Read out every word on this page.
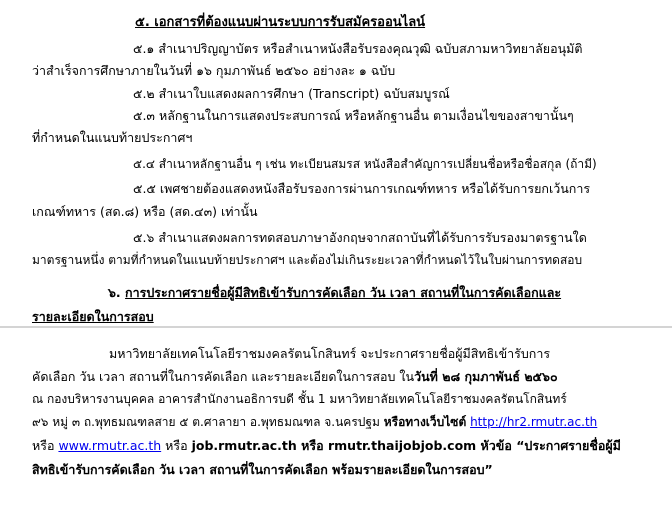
๕. เอกสารที่ต้องแนบผ่านระบบการรับสมัครออนไลน์
๕.๑ สำเนาปริญญาบัตร หรือสำเนาหนังสือรับรองคุณวุฒิ ฉบับสภามหาวิทยาลัยอนุมัติ
ว่าสำเร็จการศึกษาภายในวันที่ ๑๖ กุมภาพันธ์ ๒๕๖๐ อย่างละ ๑ ฉบับ
๕.๒ สำเนาใบแสดงผลการศึกษา (Transcript) ฉบับสมบูรณ์
๕.๓ หลักฐานในการแสดงประสบการณ์ หรือหลักฐานอื่น ตามเงื่อนไขของสาขานั้นๆ
ที่กำหนดในแนบท้ายประกาศฯ
๕.๔ สำเนาหลักฐานอื่น ๆ เช่น ทะเบียนสมรส หนังสือสำคัญการเปลี่ยนชื่อหรือชื่อสกุล (ถ้ามี)
๕.๕ เพศชายต้องแสดงหนังสือรับรองการผ่านการเกณฑ์ทหาร หรือได้รับการยกเว้นการ
เกณฑ์ทหาร (สด.๘) หรือ (สด.๔๓) เท่านั้น
๕.๖ สำเนาแสดงผลการทดสอบภาษาอังกฤษจากสถาบันที่ได้รับการรับรองมาตรฐานใด
มาตรฐานหนึ่ง ตามที่กำหนดในแนบท้ายประกาศฯ และต้องไม่เกินระยะเวลาที่กำหนดไว้ในใบผ่านการทดสอบ
๖. การประกาศรายชื่อผู้มีสิทธิเข้ารับการคัดเลือก วัน เวลา สถานที่ในการคัดเลือกและ
รายละเอียดในการสอบ
มหาวิทยาลัยเทคโนโลยีราชมงคลรัตนโกสินทร์ จะประกาศรายชื่อผู้มีสิทธิเข้ารับการ
คัดเลือก วัน เวลา สถานที่ในการคัดเลือก และรายละเอียดในการสอบ ในวันที่ ๒๘ กุมภาพันธ์ ๒๕๖๐
ณ กองบริหารงานบุคคล อาคารสำนักงานอธิการบดี ชั้น 1 มหาวิทยาลัยเทคโนโลยีราชมงคลรัตนโกสินทร์
๙๖ หมู่ ๓ ถ.พุทธมณฑลสาย ๕ ต.ศาลายา อ.พุทธมณฑล จ.นครปฐม หรือทางเว็บไซต์ http://hr2.rmutr.ac.th
หรือ www.rmutr.ac.th หรือ job.rmutr.ac.th หรือ rmutr.thaijobjob.com หัวข้อ “ประกาศรายชื่อผู้มี
สิทธิเข้ารับการคัดเลือก วัน เวลา สถานที่ในการคัดเลือก พร้อมรายละเอียดในการสอบ”
